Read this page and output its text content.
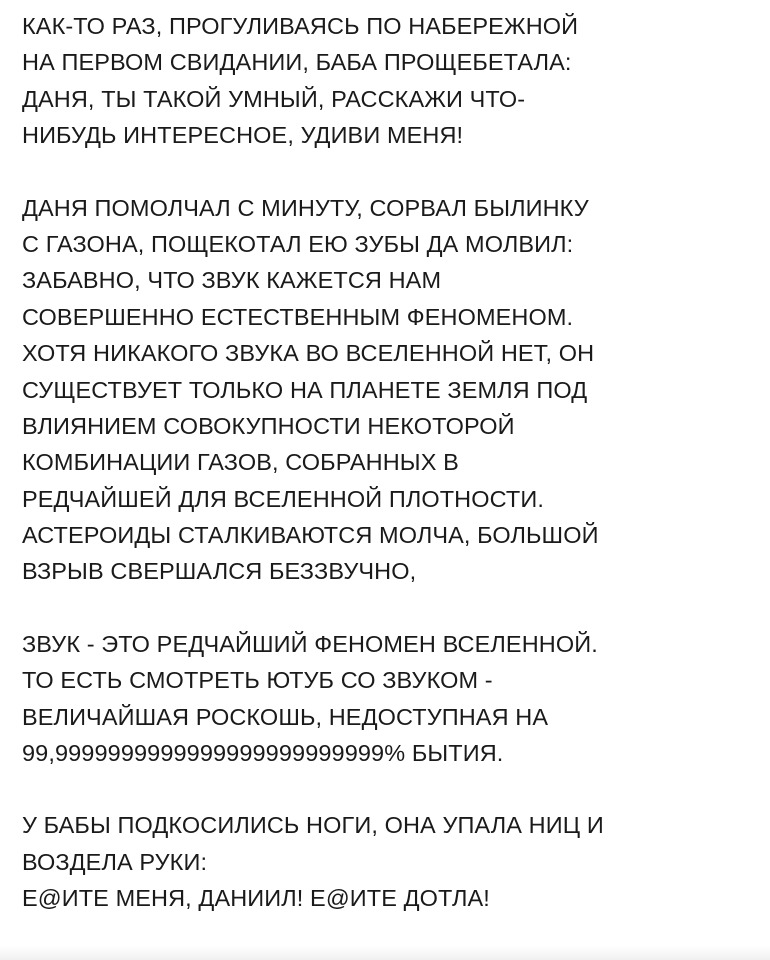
КАК-ТО РАЗ, ПРОГУЛИВАЯСЬ ПО НАБЕРЕЖНОЙ
НА ПЕРВОМ СВИДАНИИ, БАБА ПРОЩЕБЕТАЛА:
ДАНЯ, ТЫ ТАКОЙ УМНЫЙ, РАССКАЖИ ЧТО-
НИБУДЬ ИНТЕРЕСНОЕ, УДИВИ МЕНЯ!
ДАНЯ ПОМОЛЧАЛ С МИНУТУ, СОРВАЛ БЫЛИНКУ
С ГАЗОНА, ПОЩЕКОТАЛ ЕЮ ЗУБЫ ДА МОЛВИЛ:
ЗАБАВНО, ЧТО ЗВУК КАЖЕТСЯ НАМ
СОВЕРШЕННО ЕСТЕСТВЕННЫМ ФЕНОМЕНОМ.
ХОТЯ НИКАКОГО ЗВУКА ВО ВСЕЛЕННОЙ НЕТ, ОН
СУЩЕСТВУЕТ ТОЛЬКО НА ПЛАНЕТЕ ЗЕМЛЯ ПОД
ВЛИЯНИЕМ СОВОКУПНОСТИ НЕКОТОРОЙ
КОМБИНАЦИИ ГАЗОВ, СОБРАННЫХ В
РЕДЧАЙШЕЙ ДЛЯ ВСЕЛЕННОЙ ПЛОТНОСТИ.
АСТЕРОИДЫ СТАЛКИВАЮТСЯ МОЛЧА, БОЛЬШОЙ
ВЗРЫВ СВЕРШАЛСЯ БЕЗЗВУЧНО,
ЗВУК - ЭТО РЕДЧАЙШИЙ ФЕНОМЕН ВСЕЛЕННОЙ.
ТО ЕСТЬ СМОТРЕТЬ ЮТУБ СО ЗВУКОМ -
ВЕЛИЧАЙШАЯ РОСКОШЬ, НЕДОСТУПНАЯ НА
99,9999999999999999999999999% БЫТИЯ.
У БАБЫ ПОДКОСИЛИСЬ НОГИ, ОНА УПАЛА НИЦ И
ВОЗДЕЛА РУКИ:
Е@ИТЕ МЕНЯ, ДАНИИЛ! Е@ИТЕ ДОТЛА!
